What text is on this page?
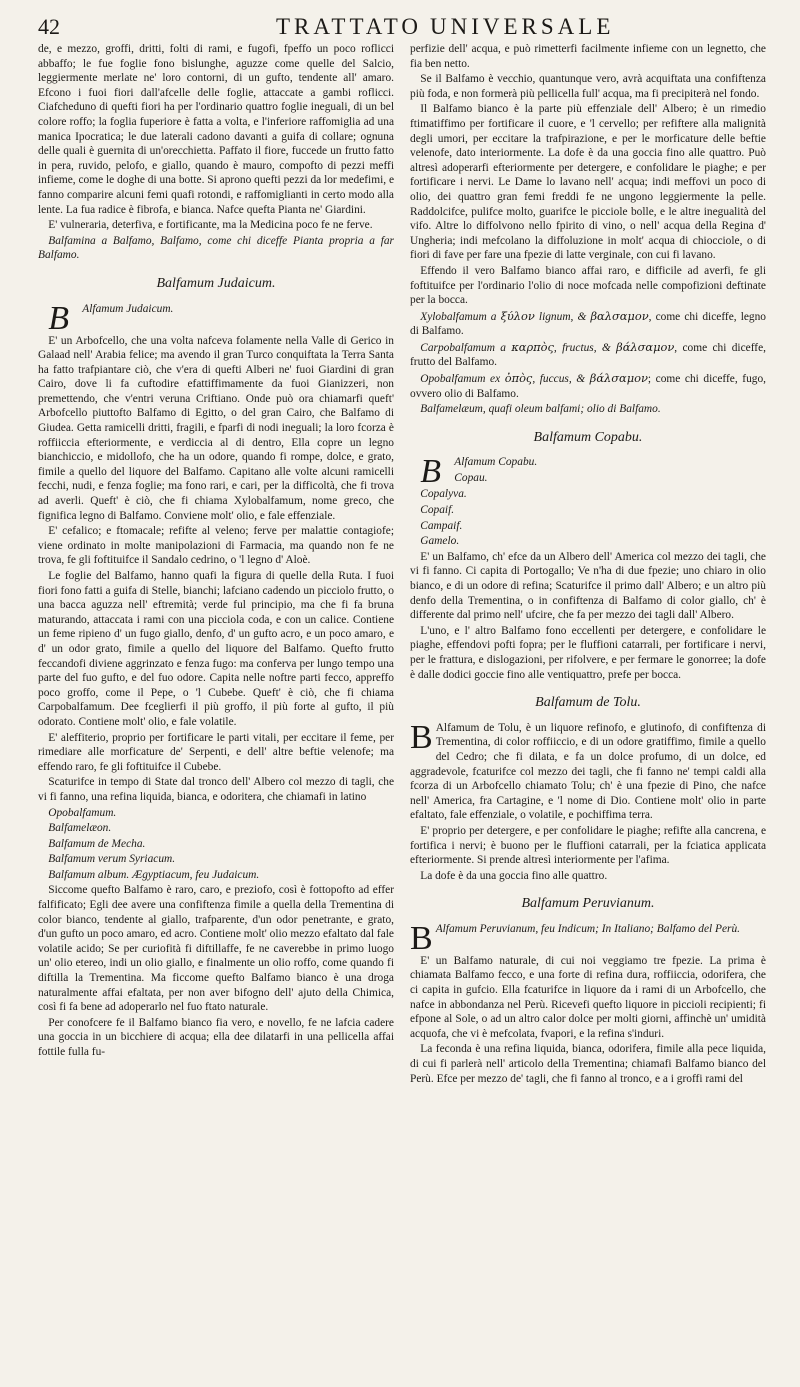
42	TRATTATO UNIVERSALE

de, e mezzo, groffi, dritti, folti di rami, e fugofi, fpeffo un poco roflicci abbaffo; le fue foglie fono bislunghe, aguzze come quelle del Salcio, leggiermente merlate ne' loro contorni, di un gufto, tendente all' amaro. Efcono i fuoi fiori dall'afcelle delle foglie, attaccate a gambi roflicci. Ciafcheduno di quefti fiori ha per l'ordinario quattro foglie ineguali, di un bel colore roffo; la foglia fuperiore è fatta a volta, e l'inferiore raffomiglia ad una manica Ipocratica; le due laterali cadono davanti a guifa di collare; ognuna delle quali è guernita di un'orecchietta. Paffato il fiore, fuccede un frutto fatto in pera, ruvido, pelofo, e giallo, quando è mauro, compofto di pezzi meffi infieme, come le doghe di una botte. Si aprono quefti pezzi da lor medefimi, e fanno comparire alcuni femi quafi rotondi, e raffomiglianti in certo modo alla lente. La fua radice è fibrofa, e bianca. Nafce quefta Pianta ne' Giardini.

E' vulneraria, deterfiva, e fortificante, ma la Medicina poco fe ne ferve.

Balfamina a Balfamo, Balfamo, come chi diceffe Pianta propria a far Balfamo.

Balfamum Judaicum.

B Alfamum Judaicum.

E' un Arbofcello, che una volta nafceva folamente nella Valle di Gerico in Galaad nell' Arabia felice; ma avendo il gran Turco conquiftata la Terra Santa ha fatto trafpiantare ciò, che v'era di quefti Alberi ne' fuoi Giardini di gran Cairo, dove li fa cuftodire efattiffimamente da fuoi Gianizzeri, non premettendo, che v'entri veruna Criftiano. Onde può ora chiamarfi queft' Arbofcello piuttofto Balfamo di Egitto, o del gran Cairo, che Balfamo di Giudea. Getta ramicelli dritti, fragili, e fparfi di nodi ineguali; la loro fcorza è roffiiccia efteriormente, e verdiccia al di dentro, Ella copre un legno bianchiccio, e midollofo, che ha un odore, quando fi rompe, dolce, e grato, fimile a quello del liquore del Balfamo. Capitano alle volte alcuni ramicelli fecchi, nudi, e fenza foglie; ma fono rari, e cari, per la difficoltà, che fi trova ad averli. Queft' è ciò, che fi chiama Xylobalfamum, nome greco, che fignifica legno di Balfamo. Conviene molt' olio, e fale effenziale.

E' cefalico; e ftomacale; refifte al veleno; ferve per malattie contagiofe; viene ordinato in molte manipolazioni di Farmacia, ma quando non fe ne trova, fe gli foftituifce il Sandalo cedrino, o 'l legno d' Aloè.

Le foglie del Balfamo, hanno quafi la figura di quelle della Ruta. I fuoi fiori fono fatti a guifa di Stelle, bianchi; lafciano cadendo un picciolo frutto, o una bacca aguzza nell' eftremità; verde ful principio, ma che fi fa bruna maturando, attaccata i rami con una picciola coda, e con un calice. Contiene un feme ripieno d' un fugo giallo, denfo, d' un gufto acro, e un poco amaro, e d' un odor grato, fimile a quello del liquore del Balfamo. Quefto frutto feccandofi diviene aggrinzato e fenza fugo: ma conferva per lungo tempo una parte del fuo gufto, e del fuo odore. Capita nelle noftre parti fecco, appreffo poco groffo, come il Pepe, o 'l Cubebe. Queft' è ciò, che fi chiama Carpobalfamum. Dee fceglierfi il più groffo, il più forte al gufto, il più odorato. Contiene molt' olio, e fale volatile.

E' aleffiterio, proprio per fortificare le parti vitali, per eccitare il feme, per rimediare alle morficature de' Serpenti, e dell' altre beftie velenofe; ma effendo raro, fe gli foftituifce il Cubebe.

Scaturifce in tempo di State dal tronco dell' Albero col mezzo di tagli, che vi fi fanno, una refina liquida, bianca, e odoritera, che chiamafi in latino

Opobalfamum.

Balfamelæon.

Balfamum de Mecha.

Balfamum verum Syriacum.

Balfamum album. Ægyptiacum, feu Judaicum.

Siccome quefto Balfamo è raro, caro, e preziofo, così è fottopofto ad effer falfificato; Egli dee avere una confiftenza fimile a quella della Trementina di color bianco, tendente al giallo, trafparente, d'un odor penetrante, e grato, d'un gufto un poco amaro, ed acro. Contiene molt' olio mezzo efaltato dal fale volatile acido; Se per curiofità fi diftillaffe, fe ne caverebbe in primo luogo un' olio etereo, indi un olio giallo, e finalmente un olio roffo, come quando fi diftilla la Trementina. Ma ficcome quefto Balfamo bianco è una droga naturalmente affai efaltata, per non aver bifogno dell' ajuto della Chimica, così fi fa bene ad adoperarlo nel fuo ftato naturale.

Per conofcere fe il Balfamo bianco fia vero, e novello, fe ne lafcia cadere una goccia in un bicchiere di acqua; ella dee dilatarfi in una pellicella affai fottile fulla fu-

perfizie dell' acqua, e può rimetterfi facilmente infieme con un legnetto, che fia ben netto.

Se il Balfamo è vecchio, quantunque vero, avrà acquiftata una confiftenza più foda, e non formerà più pellicella full' acqua, ma fi precipiterà nel fondo.

Il Balfamo bianco è la parte più effenziale dell' Albero; è un rimedio ftimatiffimo per fortificare il cuore, e 'l cervello; per refiftere alla malignità degli umori, per eccitare la trafpirazione, e per le morficature delle beftie velenofe, dato interiormente. La dofe è da una goccia fino alle quattro. Può altresì adoperarfi efteriormente per detergere, e confolidare le piaghe; e per fortificare i nervi. Le Dame lo lavano nell' acqua; indi meffovi un poco di olio, dei quattro gran femi freddi fe ne ungono leggiermente la pelle. Raddolcifce, pulifce molto, guarifce le picciole bolle, e le altre inegualità del vifo. Altre lo diffolvono nello fpirito di vino, o nell' acqua della Regina d' Ungheria; indi mefcolano la diffoluzione in molt' acqua di chiocciole, o di fiori di fave per fare una fpezie di latte verginale, con cui fi lavano.

Effendo il vero Balfamo bianco affai raro, e difficile ad averfi, fe gli foftituifce per l'ordinario l'olio di noce mofcada nelle compofizioni deftinate per la bocca.

Xylobalfamum a ξύλον lignum, & βαλσαμον, come chi diceffe, legno di Balfamo.

Carpobalfamum a καρπὸς, fructus, & βάλσαμον, come chi diceffe, frutto del Balfamo.

Opobalfamum ex ὀπὸς, fuccus, & βάλσαμον; come chi diceffe, fugo, ovvero olio di Balfamo.

Balfamelæum, quafi oleum balfami; olio di Balfamo.

Balfamum Copabu.

B Alfamum Copabu.

Copau.

Copalyva.

Copaif.

Campaif.

Gamelo.

E' un Balfamo, ch' efce da un Albero dell' America col mezzo dei tagli, che vi fi fanno. Ci capita di Portogallo; Ve n'ha di due fpezie; uno chiaro in olio bianco, e di un odore di refina; Scaturifce il primo dall' Albero; e un altro più denfo della Trementina, o in confiftenza di Balfamo di color giallo, ch' è differente dal primo nell' ufcire, che fa per mezzo dei tagli dall' Albero.

L'uno, e l' altro Balfamo fono eccellenti per detergere, e confolidare le piaghe, effendovi pofti fopra; per le fluffioni catarrali, per fortificare i nervi, per le frattura, e dislogazioni, per rifolvere, e per fermare le gonorree; la dofe è dalle dodici goccie fino alle ventiquattro, prefe per bocca.

Balfamum de Tolu.

B Alfamum de Tolu, è un liquore refinofo, e glutinofo, di confiftenza di Trementina, di color roffiiccio, e di un odore gratiffimo, fimile a quello del Cedro; che fi dilata, e fa un dolce profumo, di un dolce, ed aggradevole, fcaturifce col mezzo dei tagli, che fi fanno ne' tempi caldi alla fcorza di un Arbofcello chiamato Tolu; ch' è una fpezie di Pino, che nafce nell' America, fra Cartagine, e 'l nome di Dio. Contiene molt' olio in parte efaltato, fale effenziale, o volatile, e pochiffima terra.

E' proprio per detergere, e per confolidare le piaghe; refifte alla cancrena, e fortifica i nervi; è buono per le fluffioni catarrali, per la fciatica applicata efteriormente. Si prende altresì interiormente per l'afima.

La dofe è da una goccia fino alle quattro.

Balfamum Peruvianum.

B Alfamum Peruvianum, feu Indicum; In Italiano; Balfamo del Perù.

E' un Balfamo naturale, di cui noi veggiamo tre fpezie. La prima è chiamata Balfamo fecco, e una forte di refina dura, roffiiccia, odorifera, che ci capita in gufcio. Ella fcaturifce in liquore da i rami di un Arbofcello, che nafce in abbondanza nel Perù. Ricevefi quefto liquore in piccioli recipienti; fi efpone al Sole, o ad un altro calor dolce per molti giorni, affinchè un' umidità acquofa, che vi è mefcolata, fvapori, e la refina s'induri.

La feconda è una refina liquida, bianca, odorifera, fimile alla pece liquida, di cui fi parlerà nell' articolo della Trementina; chiamafi Balfamo bianco del Perù. Efce per mezzo de' tagli, che fi fanno al tronco, e a i groffi rami del
